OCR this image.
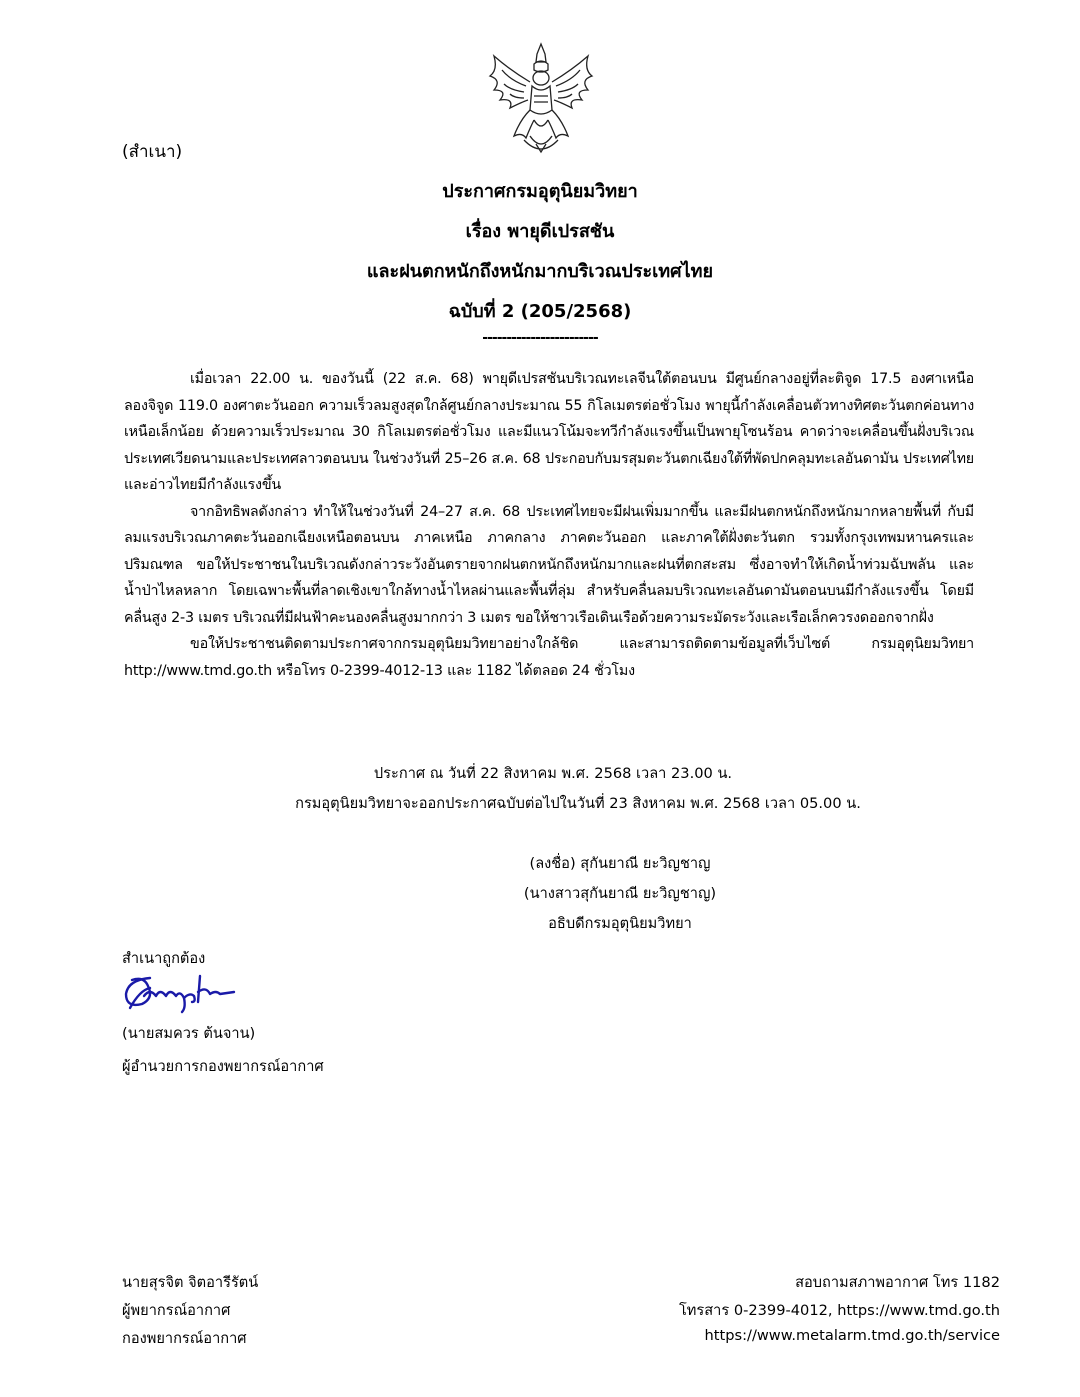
(สำเนา)
ประกาศกรมอุตุนิยมวิทยา
เรื่อง พายุดีเปรสชัน
และฝนตกหนักถึงหนักมากบริเวณประเทศไทย
ฉบับที่ 2 (205/2568)
------------------------

เมื่อเวลา 22.00 น. ของวันนี้ (22 ส.ค. 68) พายุดีเปรสชันบริเวณทะเลจีนใต้ตอนบน มีศูนย์กลางอยู่ที่ละติจูด 17.5 องศาเหนือ ลองจิจูด 119.0 องศาตะวันออก ความเร็วลมสูงสุดใกล้ศูนย์กลางประมาณ 55 กิโลเมตรต่อชั่วโมง พายุนี้กำลังเคลื่อนตัวทางทิศตะวันตกค่อนทางเหนือเล็กน้อย ด้วยความเร็วประมาณ 30 กิโลเมตรต่อชั่วโมง และมีแนวโน้มจะทวีกำลังแรงขึ้นเป็นพายุโซนร้อน คาดว่าจะเคลื่อนขึ้นฝั่งบริเวณประเทศเวียดนามและประเทศลาวตอนบน ในช่วงวันที่ 25–26 ส.ค. 68 ประกอบกับมรสุมตะวันตกเฉียงใต้ที่พัดปกคลุมทะเลอันดามัน ประเทศไทย และอ่าวไทยมีกำลังแรงขึ้น

จากอิทธิพลดังกล่าว ทำให้ในช่วงวันที่ 24–27 ส.ค. 68 ประเทศไทยจะมีฝนเพิ่มมากขึ้น และมีฝนตกหนักถึงหนักมากหลายพื้นที่ กับมีลมแรงบริเวณภาคตะวันออกเฉียงเหนือตอนบน ภาคเหนือ ภาคกลาง ภาคตะวันออก และภาคใต้ฝั่งตะวันตก รวมทั้งกรุงเทพมหานครและปริมณฑล ขอให้ประชาชนในบริเวณดังกล่าวระวังอันตรายจากฝนตกหนักถึงหนักมากและฝนที่ตกสะสม ซึ่งอาจทำให้เกิดน้ำท่วมฉับพลัน และน้ำป่าไหลหลาก โดยเฉพาะพื้นที่ลาดเชิงเขาใกล้ทางน้ำไหลผ่านและพื้นที่ลุ่ม สำหรับคลื่นลมบริเวณทะเลอันดามันตอนบนมีกำลังแรงขึ้น โดยมีคลื่นสูง 2-3 เมตร บริเวณที่มีฝนฟ้าคะนองคลื่นสูงมากกว่า 3 เมตร ขอให้ชาวเรือเดินเรือด้วยความระมัดระวังและเรือเล็กควรงดออกจากฝั่ง

ขอให้ประชาชนติดตามประกาศจากกรมอุตุนิยมวิทยาอย่างใกล้ชิด และสามารถติดตามข้อมูลที่เว็บไซต์ กรมอุตุนิยมวิทยา http://www.tmd.go.th หรือโทร 0-2399-4012-13 และ 1182 ได้ตลอด 24 ชั่วโมง

ประกาศ ณ วันที่ 22 สิงหาคม พ.ศ. 2568 เวลา 23.00 น.
กรมอุตุนิยมวิทยาจะออกประกาศฉบับต่อไปในวันที่ 23 สิงหาคม พ.ศ. 2568 เวลา 05.00 น.
(ลงชื่อ) สุกันยาณี ยะวิญชาญ
(นางสาวสุกันยาณี ยะวิญชาญ)
อธิบดีกรมอุตุนิยมวิทยา
สำเนาถูกต้อง
(นายสมควร ต้นจาน)
ผู้อำนวยการกองพยากรณ์อากาศ
นายสุรจิต จิตอารีรัตน์
ผู้พยากรณ์อากาศ
กองพยากรณ์อากาศ
สอบถามสภาพอากาศ โทร 1182
โทรสาร 0-2399-4012, https://www.tmd.go.th
https://www.metalarm.tmd.go.th/service
